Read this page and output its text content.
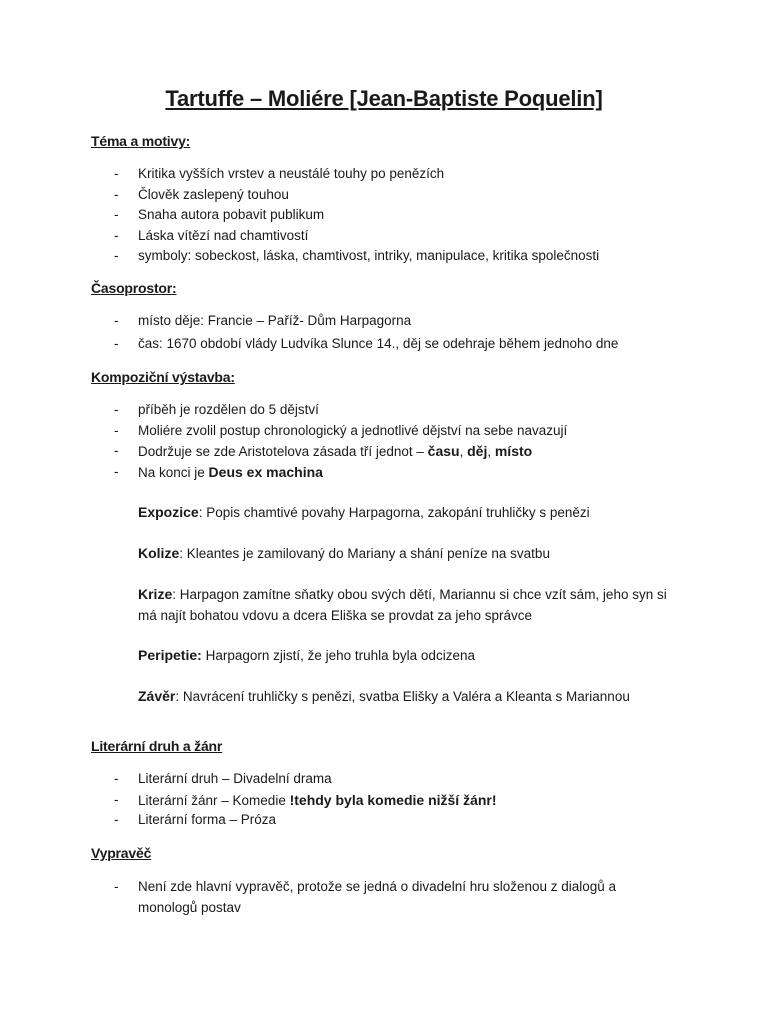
Tartuffe – Moliére [Jean-Baptiste Poquelin]
Téma a motivy:
- Kritika vyšších vrstev a neustálé touhy po penězích
- Člověk zaslepený touhou
- Snaha autora pobavit publikum
- Láska vítězí nad chamtivostí
- symboly: sobeckost, láska, chamtivost, intriky, manipulace, kritika společnosti
Časoprostor:
- místo děje: Francie – Paříž- Dům Harpagorna
- čas: 1670 období vlády Ludvíka Slunce 14., děj se odehraje během jednoho dne
Kompoziční výstavba:
- příběh je rozdělen do 5 dějství
- Moliére zvolil postup chronologický a jednotlivé dějství na sebe navazují
- Dodržuje se zde Aristotelova zásada tří jednot – času, děj, místo
- Na konci je Deus ex machina
Expozice: Popis chamtivé povahy Harpagorna, zakopání truhličky s penězi
Kolize: Kleantes je zamilovaný do Mariany a shání peníze na svatbu
Krize: Harpagon zamítne sňatky obou svých dětí, Mariannu si chce vzít sám, jeho syn si má najít bohatou vdovu a dcera Eliška se provdat za jeho správce
Peripetie: Harpagorn zjistí, že jeho truhla byla odcizena
Závěr: Navrácení truhličky s penězi, svatba Elišky a Valéra a Kleanta s Mariannou
Literární druh a žánr
- Literární druh – Divadelní drama
- Literární žánr – Komedie !tehdy byla komedie nižší žánr!
- Literární forma – Próza
Vypravěč
- Není zde hlavní vypravěč, protože se jedná o divadelní hru složenou z dialogů a monologů postav
